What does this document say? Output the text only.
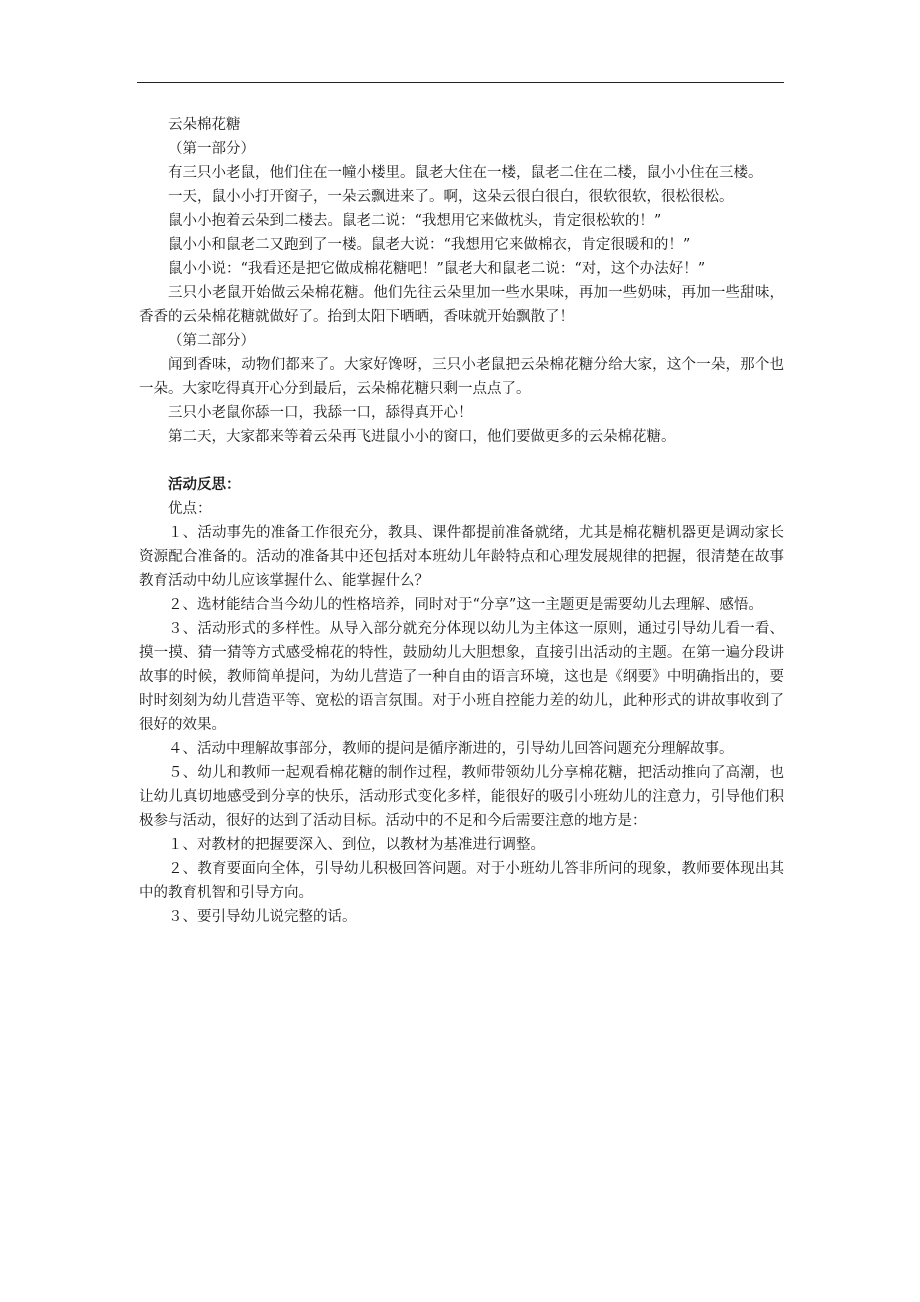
云朵棉花糖

（第一部分）

有三只小老鼠，他们住在一幢小楼里。鼠老大住在一楼，鼠老二住在二楼，鼠小小住在三楼。

一天，鼠小小打开窗子，一朵云飘进来了。啊，这朵云很白很白，很软很软，很松很松。

鼠小小抱着云朵到二楼去。鼠老二说：“我想用它来做枕头，肯定很松软的！”

鼠小小和鼠老二又跑到了一楼。鼠老大说：“我想用它来做棉衣，肯定很暖和的！”

鼠小小说：“我看还是把它做成棉花糖吧！”鼠老大和鼠老二说：“对，这个办法好！”

三只小老鼠开始做云朵棉花糖。他们先往云朵里加一些水果味，再加一些奶味，再加一些甜味，香香的云朵棉花糖就做好了。抬到太阳下晒晒，香味就开始飘散了！

（第二部分）

闻到香味，动物们都来了。大家好馋呀，三只小老鼠把云朵棉花糖分给大家，这个一朵，那个也一朵。大家吃得真开心分到最后，云朵棉花糖只剩一点点了。

三只小老鼠你舔一口，我舔一口，舔得真开心！

第二天，大家都来等着云朵再飞进鼠小小的窗口，他们要做更多的云朵棉花糖。

活动反思：

优点：

１、活动事先的准备工作很充分，教具、课件都提前准备就绪，尤其是棉花糖机器更是调动家长资源配合准备的。活动的准备其中还包括对本班幼儿年龄特点和心理发展规律的把握，很清楚在故事教育活动中幼儿应该掌握什么、能掌握什么？

２、选材能结合当今幼儿的性格培养，同时对于“分享”这一主题更是需要幼儿去理解、感悟。

３、活动形式的多样性。从导入部分就充分体现以幼儿为主体这一原则，通过引导幼儿看一看、摸一摸、猜一猜等方式感受棉花的特性，鼓励幼儿大胆想象，直接引出活动的主题。在第一遍分段讲故事的时候，教师简单提问，为幼儿营造了一种自由的语言环境，这也是《纲要》中明确指出的，要时时刻刻为幼儿营造平等、宽松的语言氛围。对于小班自控能力差的幼儿，此种形式的讲故事收到了很好的效果。

４、活动中理解故事部分，教师的提问是循序渐进的，引导幼儿回答问题充分理解故事。

５、幼儿和教师一起观看棉花糖的制作过程，教师带领幼儿分享棉花糖，把活动推向了高潮，也让幼儿真切地感受到分享的快乐，活动形式变化多样，能很好的吸引小班幼儿的注意力，引导他们积极参与活动，很好的达到了活动目标。活动中的不足和今后需要注意的地方是：

１、对教材的把握要深入、到位，以教材为基准进行调整。

２、教育要面向全体，引导幼儿积极回答问题。对于小班幼儿答非所问的现象，教师要体现出其中的教育机智和引导方向。

３、要引导幼儿说完整的话。
